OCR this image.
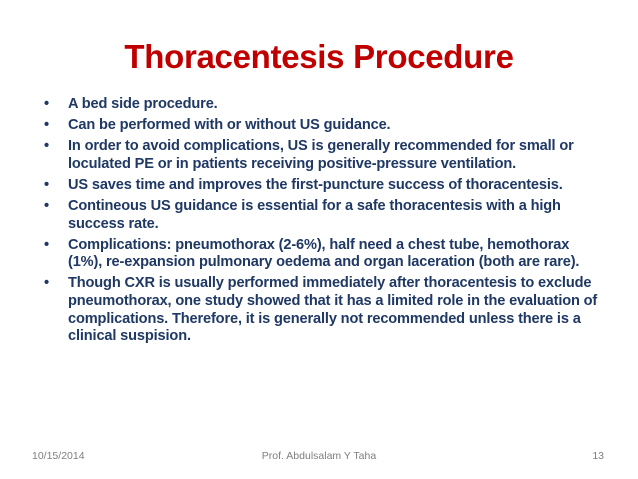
Thoracentesis Procedure
• A bed side procedure.
• Can be performed with or without US guidance.
• In order to avoid complications, US is generally recommended for small or loculated PE or in patients receiving positive-pressure ventilation.
• US saves time and improves the first-puncture success of thoracentesis.
• Contineous US guidance is essential for a safe thoracentesis with a high success rate.
• Complications: pneumothorax (2-6%), half need a chest tube, hemothorax (1%), re-expansion pulmonary oedema and organ laceration (both are rare).
• Though CXR is usually performed immediately after thoracentesis to exclude pneumothorax, one study showed that it has a limited role in the evaluation of complications. Therefore, it is generally not recommended unless there is a clinical suspision.
10/15/2014	Prof. Abdulsalam Y Taha	13
